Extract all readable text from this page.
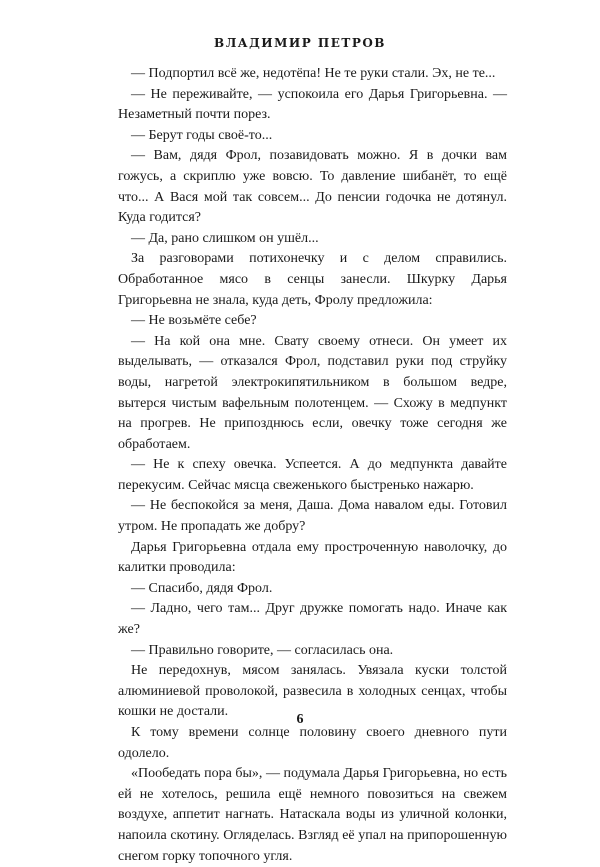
ВЛАДИМИР ПЕТРОВ

— Подпортил всё же, недотёпа! Не те руки стали. Эх, не те...

— Не переживайте, — успокоила его Дарья Григорьевна. — Незаметный почти порез.

— Берут годы своё-то...

— Вам, дядя Фрол, позавидовать можно. Я в дочки вам гожусь, а скриплю уже вовсю. То давление шибанёт, то ещё что... А Вася мой так совсем... До пенсии годочка не дотянул. Куда годится?

— Да, рано слишком он ушёл...

За разговорами потихонечку и с делом справились. Обработанное мясо в сенцы занесли. Шкурку Дарья Григорьевна не знала, куда деть, Фролу предложила:

— Не возьмёте себе?

— На кой она мне. Свату своему отнеси. Он умеет их выделывать, — отказался Фрол, подставил руки под струйку воды, нагретой электрокипятильником в большом ведре, вытерся чистым вафельным полотенцем. — Схожу в медпункт на прогрев. Не припозднюсь если, овечку тоже сегодня же обработаем.

— Не к спеху овечка. Успеется. А до медпункта давайте перекусим. Сейчас мясца свеженького быстренько нажарю.

— Не беспокойся за меня, Даша. Дома навалом еды. Готовил утром. Не пропадать же добру?

Дарья Григорьевна отдала ему простроченную наволочку, до калитки проводила:

— Спасибо, дядя Фрол.

— Ладно, чего там... Друг дружке помогать надо. Иначе как же?

— Правильно говорите, — согласилась она.

Не передохнув, мясом занялась. Увязала куски толстой алюминиевой проволокой, развесила в холодных сенцах, чтобы кошки не достали.

К тому времени солнце половину своего дневного пути одолело.

«Пообедать пора бы», — подумала Дарья Григорьевна, но есть ей не хотелось, решила ещё немного повозиться на свежем воздухе, аппетит нагнать. Натаскала воды из уличной колонки, напоила скотину. Огляделась. Взгляд её упал на припорошенную снегом горку топочного угля.

6
